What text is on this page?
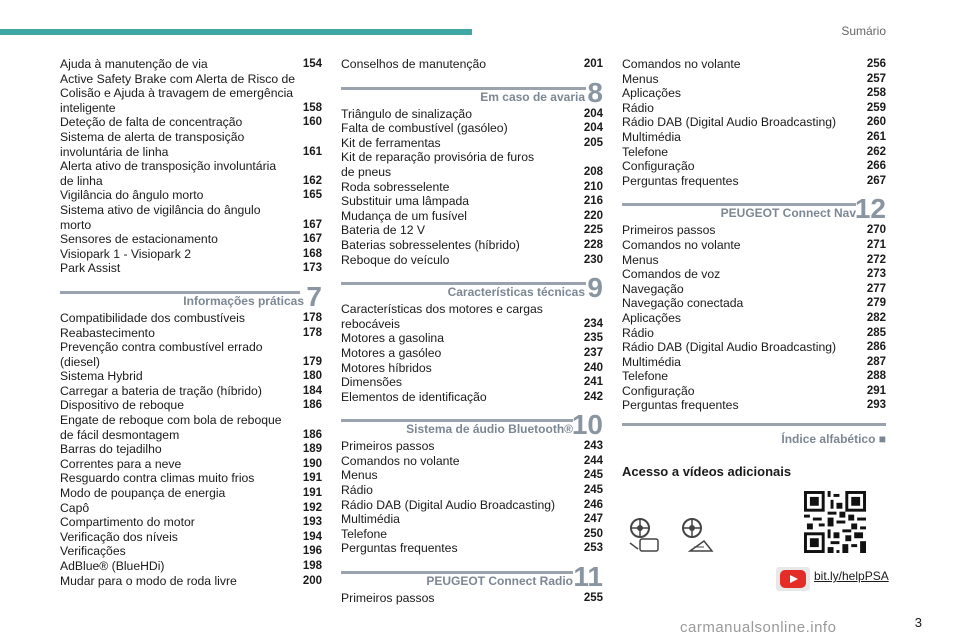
Sumário
Ajuda à manutenção de via	154
Active Safety Brake com Alerta de Risco de
Colisão e Ajuda à travagem de emergência
inteligente	158
Deteção de falta de concentração	160
Sistema de alerta de transposição
involuntária de linha	161
Alerta ativo de transposição involuntária
de linha	162
Vigilância do ângulo morto	165
Sistema ativo de vigilância do ângulo
morto	167
Sensores de estacionamento	167
Visiopark 1 - Visiopark 2	168
Park Assist	173
Informações práticas 7
Compatibilidade dos combustíveis	178
Reabastecimento	178
Prevenção contra combustível errado
(diesel)	179
Sistema Hybrid	180
Carregar a bateria de tração (híbrido)	184
Dispositivo de reboque	186
Engate de reboque com bola de reboque
de fácil desmontagem	186
Barras do tejadilho	189
Correntes para a neve	190
Resguardo contra climas muito frios	191
Modo de poupança de energia	191
Capô	192
Compartimento do motor	193
Verificação dos níveis	194
Verificações	196
AdBlue® (BlueHDi)	198
Mudar para o modo de roda livre	200
Conselhos de manutenção	201
Em caso de avaria 8
Triângulo de sinalização	204
Falta de combustível (gasóleo)	204
Kit de ferramentas	205
Kit de reparação provisória de furos
de pneus	208
Roda sobresselente	210
Substituir uma lâmpada	216
Mudança de um fusível	220
Bateria de 12 V	225
Baterias sobresselentes (híbrido)	228
Reboque do veículo	230
Características técnicas 9
Características dos motores e cargas
rebocáveis	234
Motores a gasolina	235
Motores a gasóleo	237
Motores híbridos	240
Dimensões	241
Elementos de identificação	242
Sistema de áudio Bluetooth®
10
Primeiros passos	243
Comandos no volante	244
Menus	245
Rádio	245
Rádio DAB (Digital Audio Broadcasting)	246
Multimédia	247
Telefone	250
Perguntas frequentes	253
PEUGEOT Connect Radio 11
Primeiros passos	255
Comandos no volante	256
Menus	257
Aplicações	258
Rádio	259
Rádio DAB (Digital Audio Broadcasting)	260
Multimédia	261
Telefone	262
Configuração	266
Perguntas frequentes	267
PEUGEOT Connect Nav
12
Primeiros passos	270
Comandos no volante	271
Menus	272
Comandos de voz	273
Navegação	277
Navegação conectada	279
Aplicações	282
Rádio	285
Rádio DAB (Digital Audio Broadcasting)	286
Multimédia	287
Telefone	288
Configuração	291
Perguntas frequentes	293
Índice alfabético ■
Acesso a vídeos adicionais
bit.ly/helpPSA
3
carmanualsonline.info
